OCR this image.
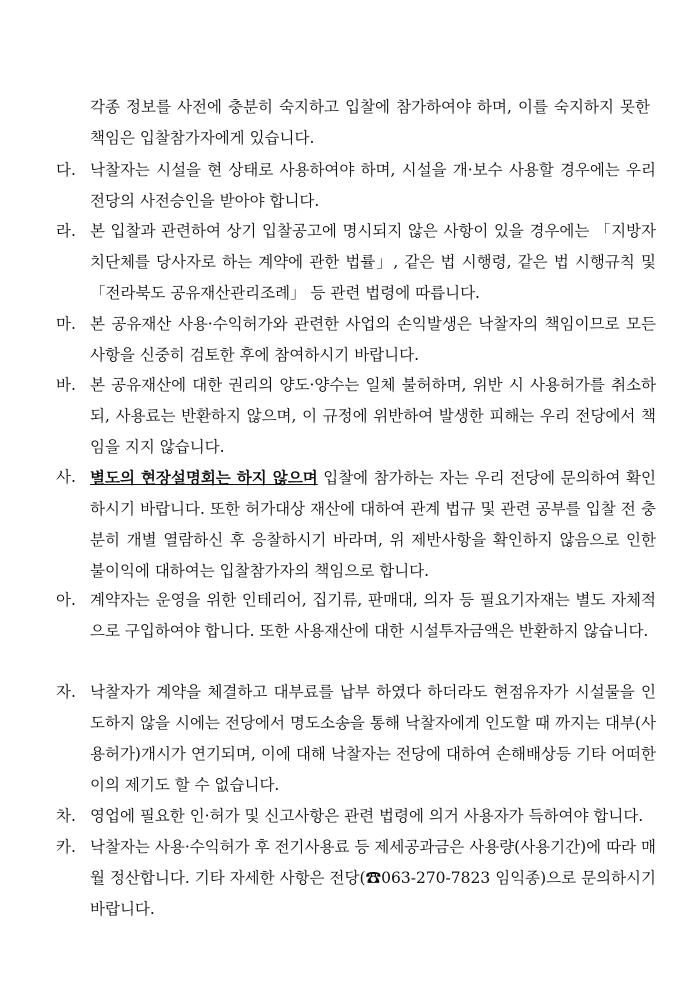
각종 정보를 사전에 충분히 숙지하고 입찰에 참가하여야 하며, 이를 숙지하지 못한 책임은 입찰참가자에게 있습니다.
다. 낙찰자는 시설을 현 상태로 사용하여야 하며, 시설을 개·보수 사용할 경우에는 우리전당의 사전승인을 받아야 합니다.
라. 본 입찰과 관련하여 상기 입찰공고에 명시되지 않은 사항이 있을 경우에는 「지방자치단체를 당사자로 하는 계약에 관한 법률」, 같은 법 시행령, 같은 법 시행규칙 및 「전라북도 공유재산관리조례」 등 관련 법령에 따릅니다.
마. 본 공유재산 사용·수익허가와 관련한 사업의 손익발생은 낙찰자의 책임이므로 모든 사항을 신중히 검토한 후에 참여하시기 바랍니다.
바. 본 공유재산에 대한 권리의 양도·양수는 일체 불허하며, 위반 시 사용허가를 취소하되, 사용료는 반환하지 않으며, 이 규정에 위반하여 발생한 피해는 우리 전당에서 책임을 지지 않습니다.
사. 별도의 현장설명회는 하지 않으며 입찰에 참가하는 자는 우리 전당에 문의하여 확인하시기 바랍니다. 또한 허가대상 재산에 대하여 관계 법규 및 관련 공부를 입찰 전 충분히 개별 열람하신 후 응찰하시기 바라며, 위 제반사항을 확인하지 않음으로 인한 불이익에 대하여는 입찰참가자의 책임으로 합니다.
아. 계약자는 운영을 위한 인테리어, 집기류, 판매대, 의자 등 필요기자재는 별도 자체적으로 구입하여야 합니다. 또한 사용재산에 대한 시설투자금액은 반환하지 않습니다.
자. 낙찰자가 계약을 체결하고 대부료를 납부 하였다 하더라도 현점유자가 시설물을 인도하지 않을 시에는 전당에서 명도소송을 통해 낙찰자에게 인도할 때 까지는 대부(사용허가)개시가 연기되며, 이에 대해 낙찰자는 전당에 대하여 손해배상등 기타 어떠한 이의 제기도 할 수 없습니다.
차. 영업에 필요한 인·허가 및 신고사항은 관련 법령에 의거 사용자가 득하여야 합니다.
카. 낙찰자는 사용·수익허가 후 전기사용료 등 제세공과금은 사용량(사용기간)에 따라 매월 정산합니다. 기타 자세한 사항은 전당(☎063-270-7823 임익종)으로 문의하시기 바랍니다.
